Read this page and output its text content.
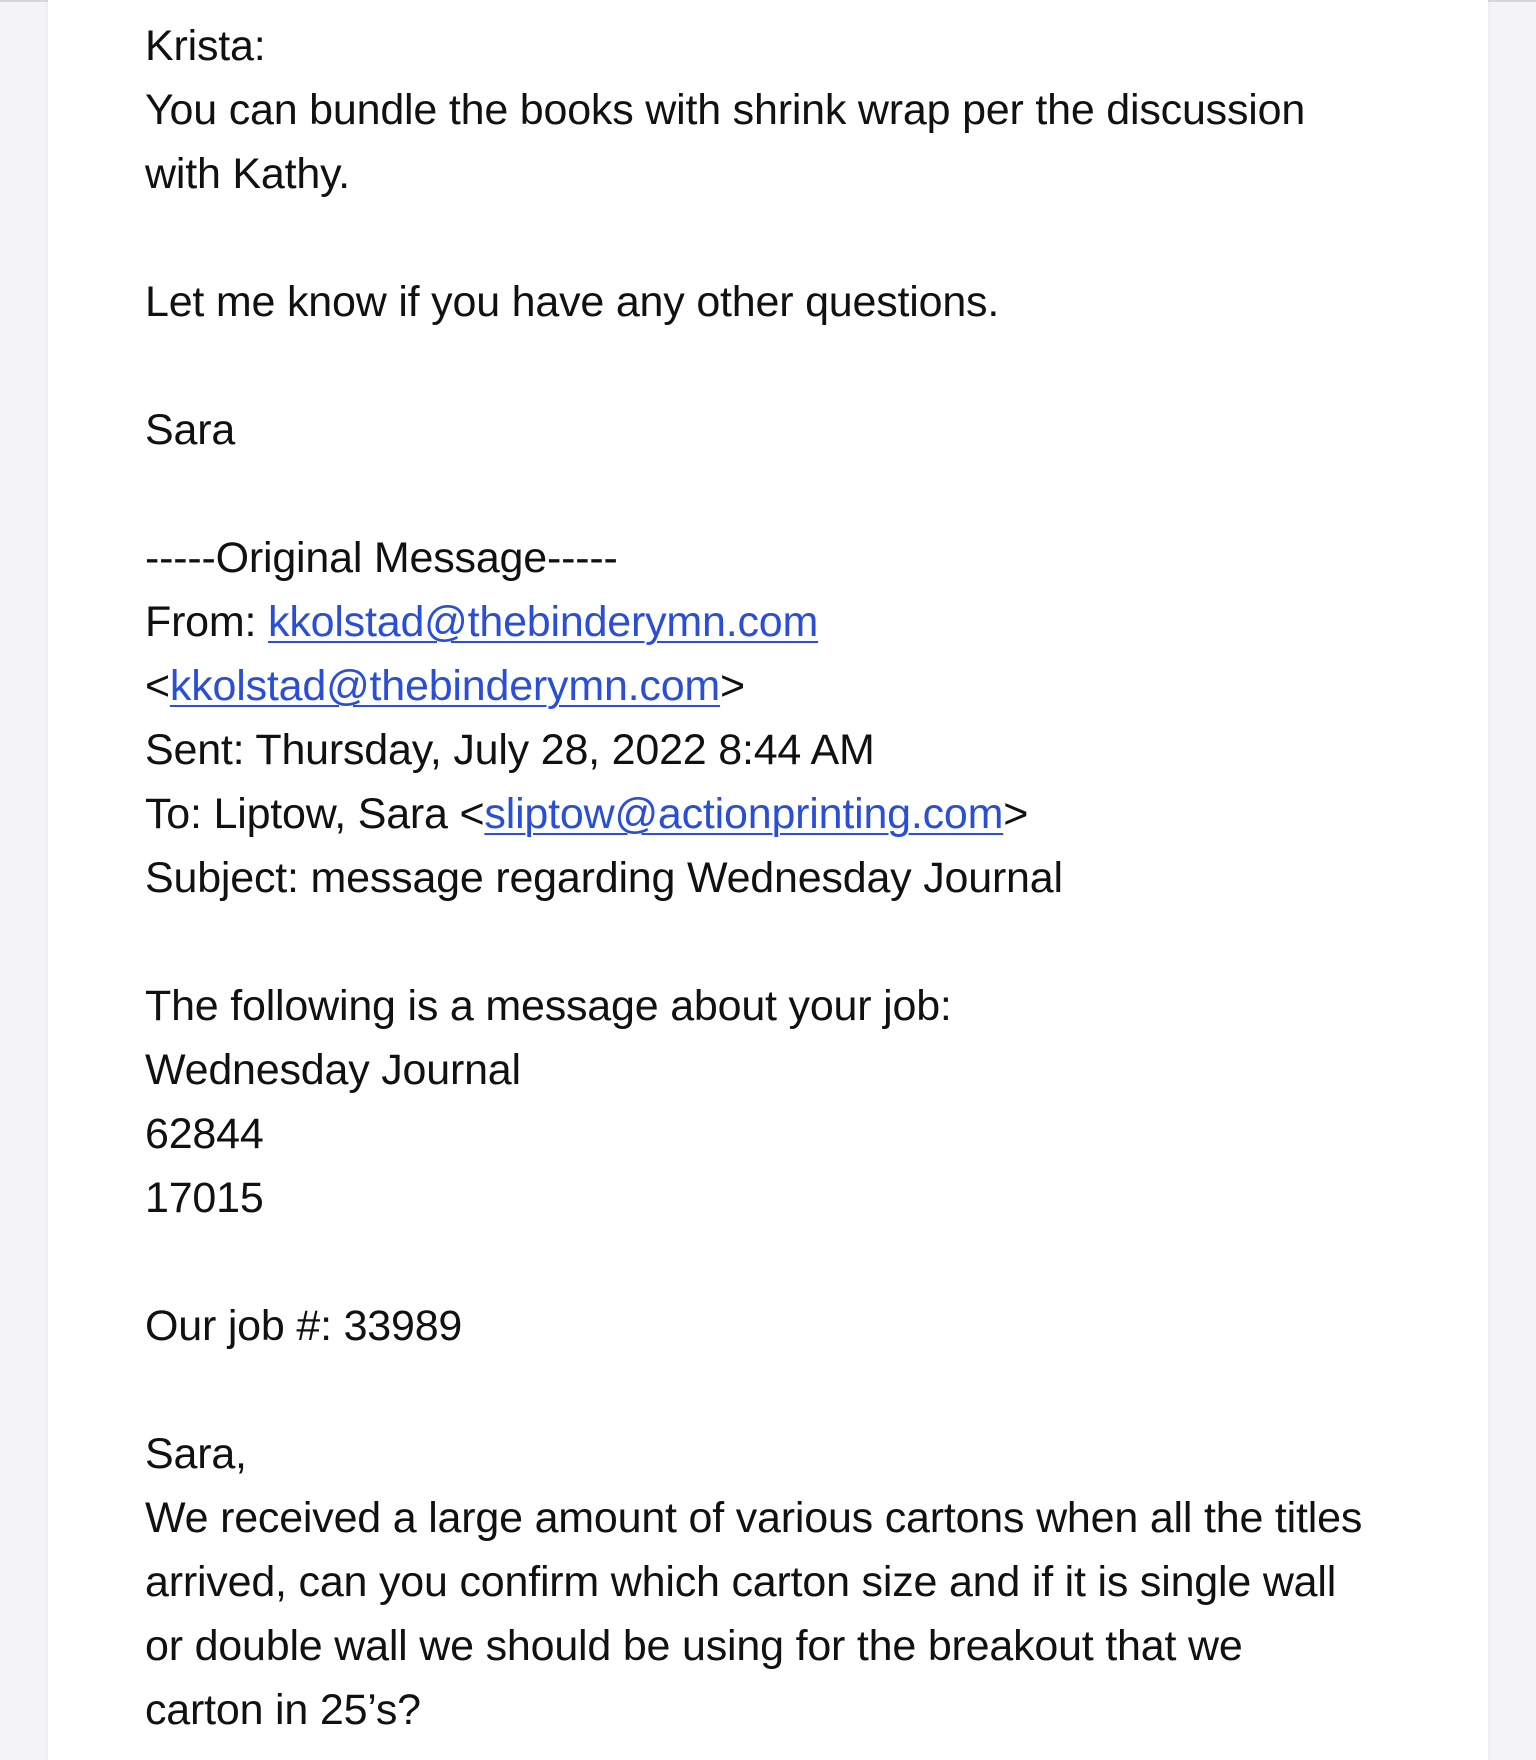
Krista:
You can bundle the books with shrink wrap per the discussion
with Kathy.
Let me know if you have any other questions.
Sara
-----Original Message-----
From: kkolstad@thebinderymn.com
<kkolstad@thebinderymn.com>
Sent: Thursday, July 28, 2022 8:44 AM
To: Liptow, Sara <sliptow@actionprinting.com>
Subject: message regarding Wednesday Journal
The following is a message about your job:
Wednesday Journal
62844
17015
Our job #: 33989
Sara,
We received a large amount of various cartons when all the titles
arrived, can you confirm which carton size and if it is single wall
or double wall we should be using for the breakout that we
carton in 25’s?
